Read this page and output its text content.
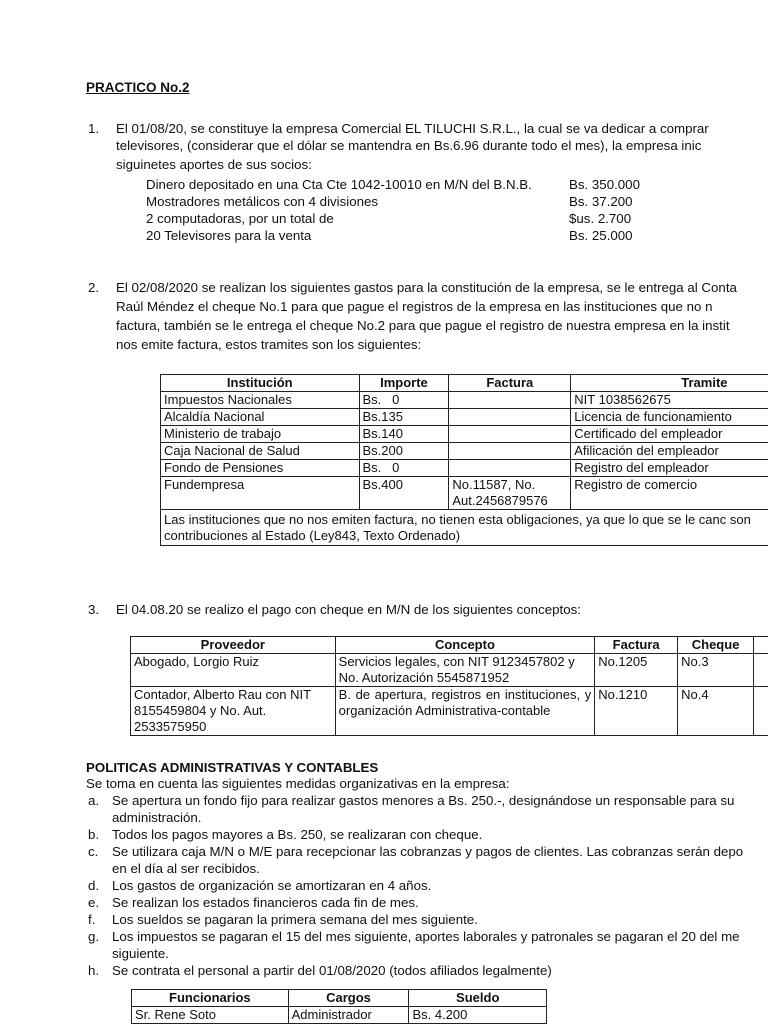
PRACTICO No.2
1. El 01/08/20, se constituye la empresa Comercial EL TILUCHI S.R.L., la cual se va dedicar a comprar
televisores, (considerar que el dólar se mantendra en Bs.6.96 durante todo el mes), la empresa inic
siguinetes aportes de sus socios:
Dinero depositado en una Cta Cte 1042-10010 en M/N del B.N.B.	Bs. 350.000
Mostradores metálicos con 4 divisiones	Bs. 37.200
2 computadoras, por un total de	$us. 2.700
20 Televisores para la venta	Bs. 25.000
2. El 02/08/2020 se realizan los siguientes gastos para la constitución de la empresa, se le entrega al Conta
Raúl Méndez el cheque No.1 para que pague el registros de la empresa en las instituciones que no n
factura, también se le entrega el cheque No.2 para que pague el registro de nuestra empresa en la instit
nos emite factura, estos tramites son los siguientes:
Institución	Importe	Factura	Tramite
Impuestos Nacionales	Bs.   0		NIT 1038562675
Alcaldía Nacional	Bs.135		Licencia de funcionamiento
Ministerio de trabajo	Bs.140		Certificado del empleador
Caja Nacional de Salud	Bs.200		Afilicación del empleador
Fondo de Pensiones	Bs.   0		Registro del empleador
Fundempresa	Bs.400	No.11587, No. Aut.2456879576	Registro de comercio
Las instituciones que no nos emiten factura, no tienen esta obligaciones, ya que lo que se le canc son contribuciones al Estado (Ley843, Texto Ordenado)			
3. El 04.08.20 se realizo el pago con cheque en M/N de los siguientes conceptos:
Proveedor	Concepto	Factura	Cheque	
Abogado, Lorgio Ruiz	Servicios legales, con NIT 9123457802 y No. Autorización 5545871952	No.1205	No.3	
Contador, Alberto Rau con NIT 8155459804 y No. Aut. 2533575950	B. de apertura, registros en instituciones, y organización Administrativa-contable	No.1210	No.4	
POLITICAS ADMINISTRATIVAS Y CONTABLES
Se toma en cuenta las siguientes medidas organizativas en la empresa:
a. Se apertura un fondo fijo para realizar gastos menores a Bs. 250.-, designándose un responsable para su
administración.
b. Todos los pagos mayores a Bs. 250, se realizaran con cheque.
c. Se utilizara caja M/N o M/E para recepcionar las cobranzas y pagos de clientes. Las cobranzas serán depo
en el día al ser recibidos.
d. Los gastos de organización se amortizaran en 4 años.
e. Se realizan los estados financieros cada fin de mes.
f. Los sueldos se pagaran la primera semana del mes siguiente.
g. Los impuestos se pagaran el 15 del mes siguiente, aportes laborales y patronales se pagaran el 20 del me
siguiente.
h. Se contrata el personal a partir del 01/08/2020 (todos afiliados legalmente)
Funcionarios	Cargos	Sueldo
Sr. Rene Soto	Administrador	Bs. 4.200
